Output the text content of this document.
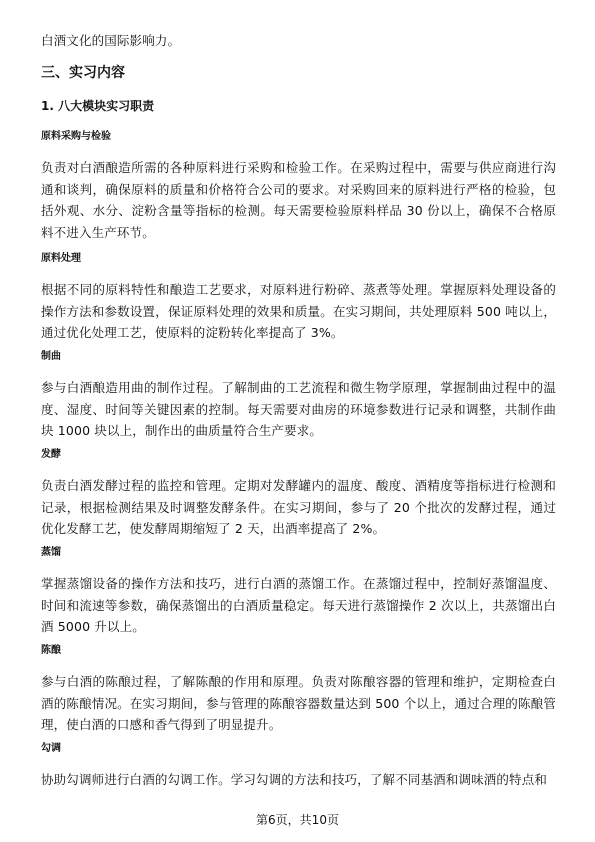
白酒文化的国际影响力。

三、实习内容
1. 八大模块实习职责
原料采购与检验

负责对白酒酿造所需的各种原料进行采购和检验工作。在采购过程中，需要与供应商进行沟通和谈判，确保原料的质量和价格符合公司的要求。对采购回来的原料进行严格的检验，包括外观、水分、淀粉含量等指标的检测。每天需要检验原料样品 30 份以上，确保不合格原料不进入生产环节。

原料处理

根据不同的原料特性和酿造工艺要求，对原料进行粉碎、蒸煮等处理。掌握原料处理设备的操作方法和参数设置，保证原料处理的效果和质量。在实习期间，共处理原料 500 吨以上，通过优化处理工艺，使原料的淀粉转化率提高了 3%。

制曲

参与白酒酿造用曲的制作过程。了解制曲的工艺流程和微生物学原理，掌握制曲过程中的温度、湿度、时间等关键因素的控制。每天需要对曲房的环境参数进行记录和调整，共制作曲块 1000 块以上，制作出的曲质量符合生产要求。

发酵

负责白酒发酵过程的监控和管理。定期对发酵罐内的温度、酸度、酒精度等指标进行检测和记录，根据检测结果及时调整发酵条件。在实习期间，参与了 20 个批次的发酵过程，通过优化发酵工艺，使发酵周期缩短了 2 天，出酒率提高了 2%。

蒸馏

掌握蒸馏设备的操作方法和技巧，进行白酒的蒸馏工作。在蒸馏过程中，控制好蒸馏温度、时间和流速等参数，确保蒸馏出的白酒质量稳定。每天进行蒸馏操作 2 次以上，共蒸馏出白酒 5000 升以上。

陈酿

参与白酒的陈酿过程，了解陈酿的作用和原理。负责对陈酿容器的管理和维护，定期检查白酒的陈酿情况。在实习期间，参与管理的陈酿容器数量达到 500 个以上，通过合理的陈酿管理，使白酒的口感和香气得到了明显提升。

勾调

协助勾调师进行白酒的勾调工作。学习勾调的方法和技巧，了解不同基酒和调味酒的特点和

第6页，共10页
